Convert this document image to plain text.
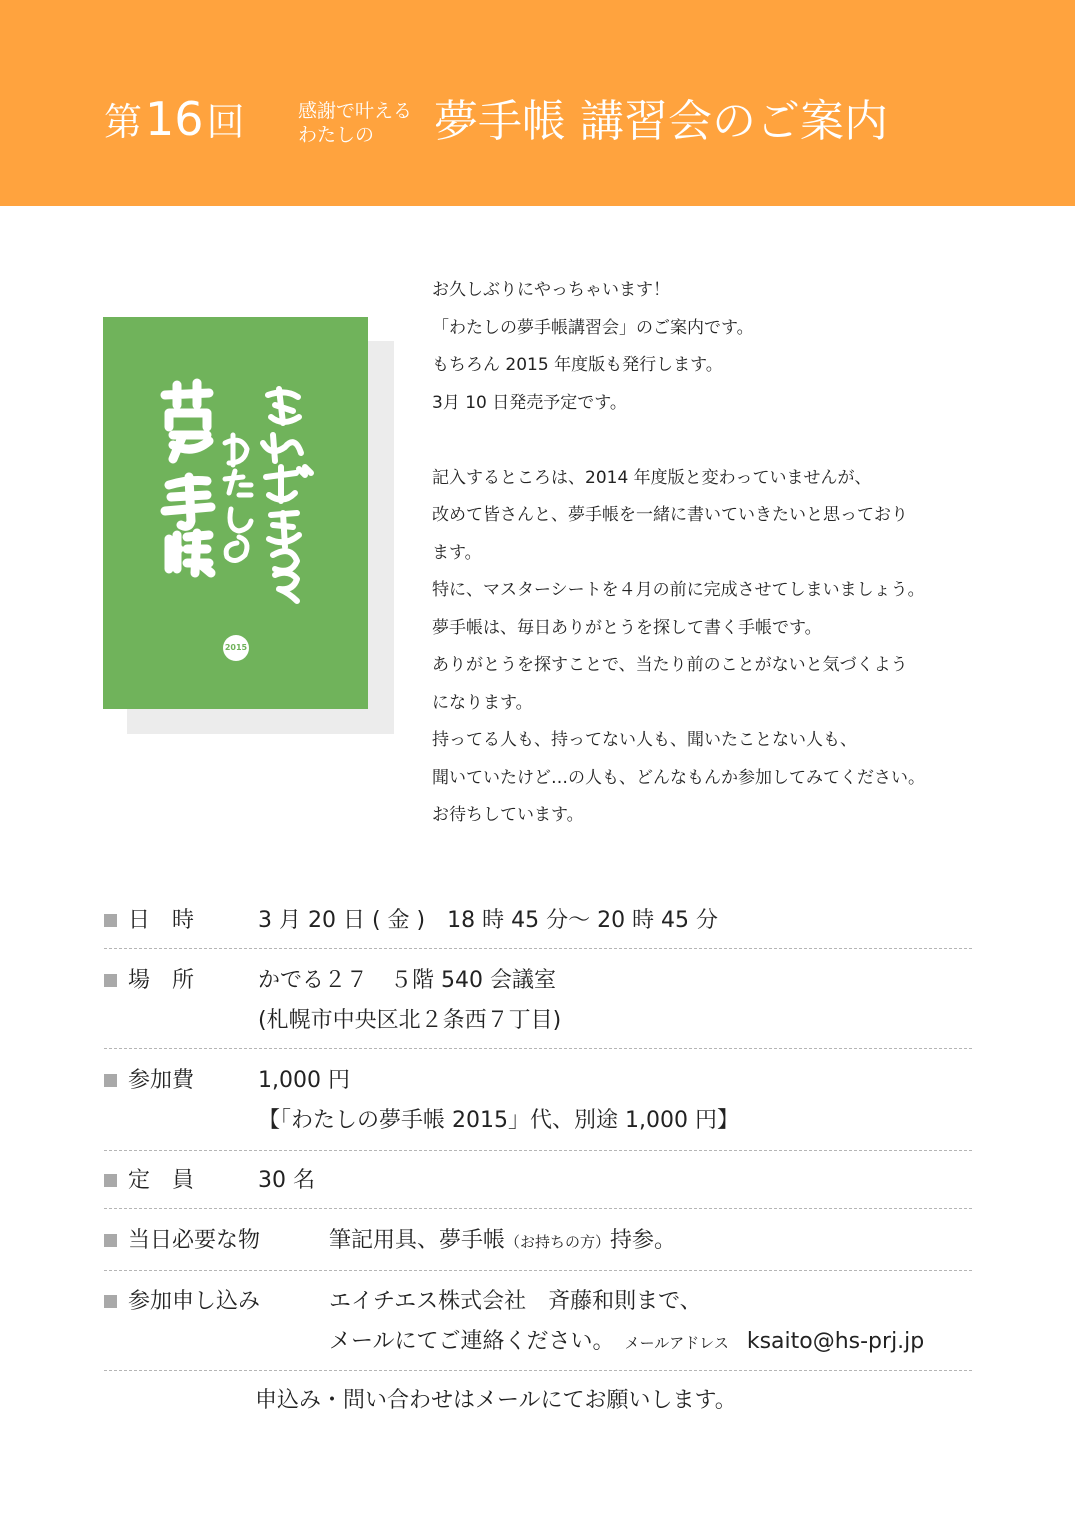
第16回	感謝で叶える
わたしの	夢手帳 講習会のご案内
2015
お久しぶりにやっちゃいます！
「わたしの夢手帳講習会」のご案内です。
もちろん 2015 年度版も発行します。
3月 10 日発売予定です。
記入するところは、2014 年度版と変わっていませんが、
改めて皆さんと、夢手帳を一緒に書いていきたいと思っており
ます。
特に、マスターシートを４月の前に完成させてしまいましょう。
夢手帳は、毎日ありがとうを探して書く手帳です。
ありがとうを探すことで、当たり前のことがないと気づくよう
になります。
持ってる人も、持ってない人も、聞いたことない人も、
聞いていたけど…の人も、どんなもんか参加してみてください。
お待ちしています。
日　時	3 月 20 日 ( 金 )　18 時 45 分～ 20 時 45 分
場　所	かでる２７　５階 540 会議室
(札幌市中央区北２条西７丁目)
参加費	1,000 円
【「わたしの夢手帳 2015」代、別途 1,000 円】
定　員	30 名
当日必要な物	筆記用具、夢手帳（お持ちの方）持参。
参加申し込み	エイチエス株式会社　斉藤和則まで、
メールにてご連絡ください。 メールアドレス ksaito@hs-prj.jp
申込み・問い合わせはメールにてお願いします。
